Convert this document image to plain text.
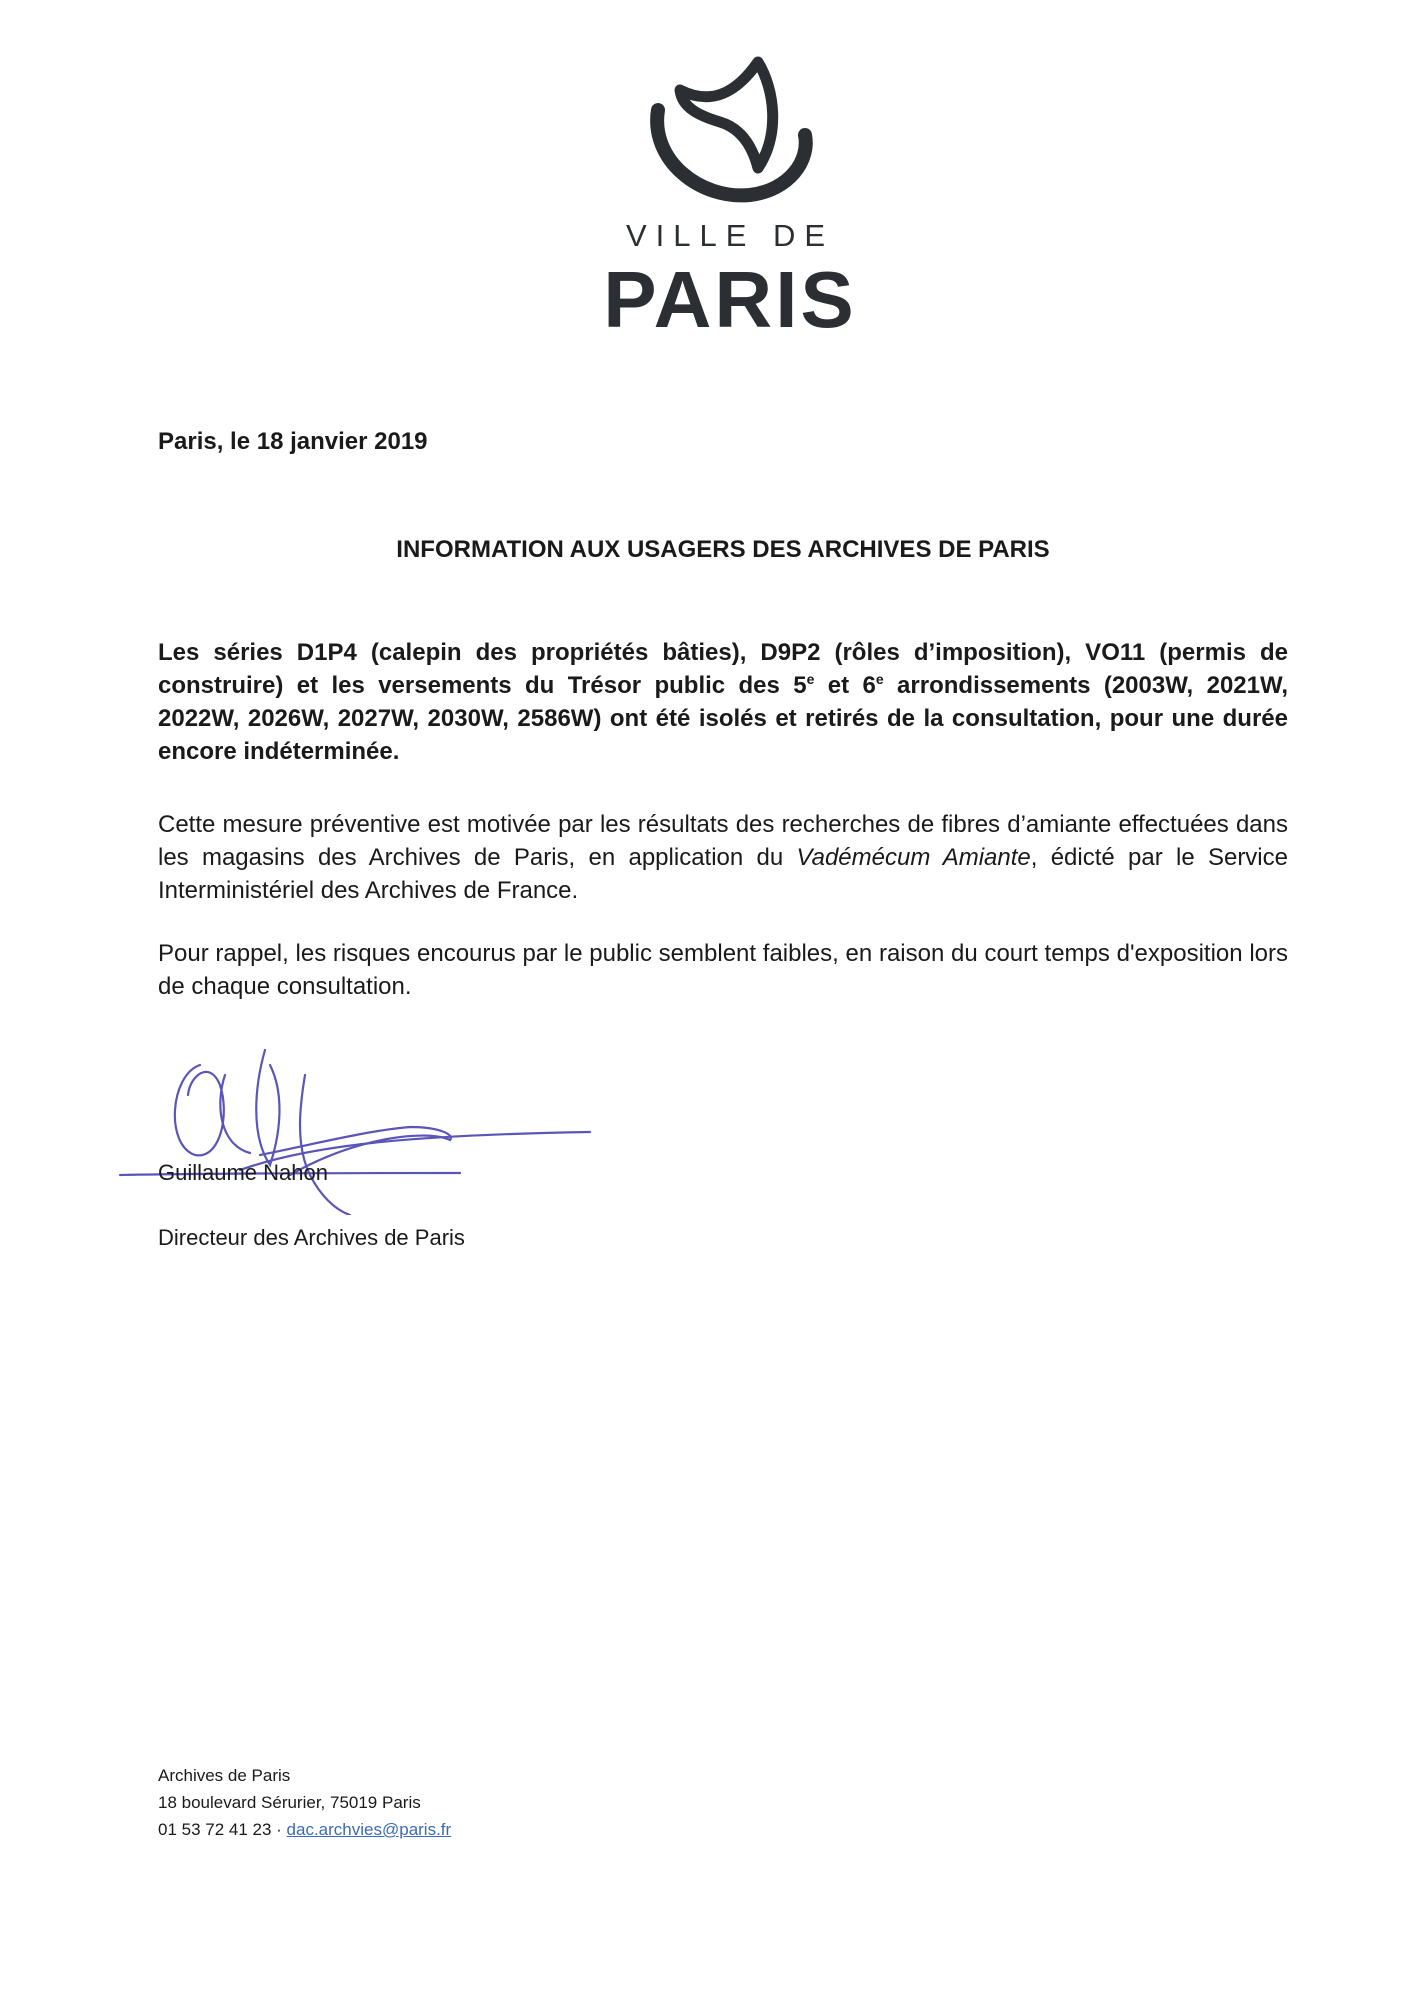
VILLE DE
PARIS
Paris, le 18 janvier 2019
INFORMATION AUX USAGERS DES ARCHIVES DE PARIS
Les séries D1P4 (calepin des propriétés bâties), D9P2 (rôles d’imposition), VO11 (permis de construire) et les versements du Trésor public des 5e et 6e arrondissements (2003W, 2021W, 2022W, 2026W, 2027W, 2030W, 2586W) ont été isolés et retirés de la consultation, pour une durée encore indéterminée.
Cette mesure préventive est motivée par les résultats des recherches de fibres d’amiante effectuées dans les magasins des Archives de Paris, en application du Vadémécum Amiante, édicté par le Service Interministériel des Archives de France.
Pour rappel, les risques encourus par le public semblent faibles, en raison du court temps d'exposition lors de chaque consultation.
Guillaume Nahon
Directeur des Archives de Paris
Archives de Paris
18 boulevard Sérurier, 75019 Paris
01 53 72 41 23 · dac.archvies@paris.fr
